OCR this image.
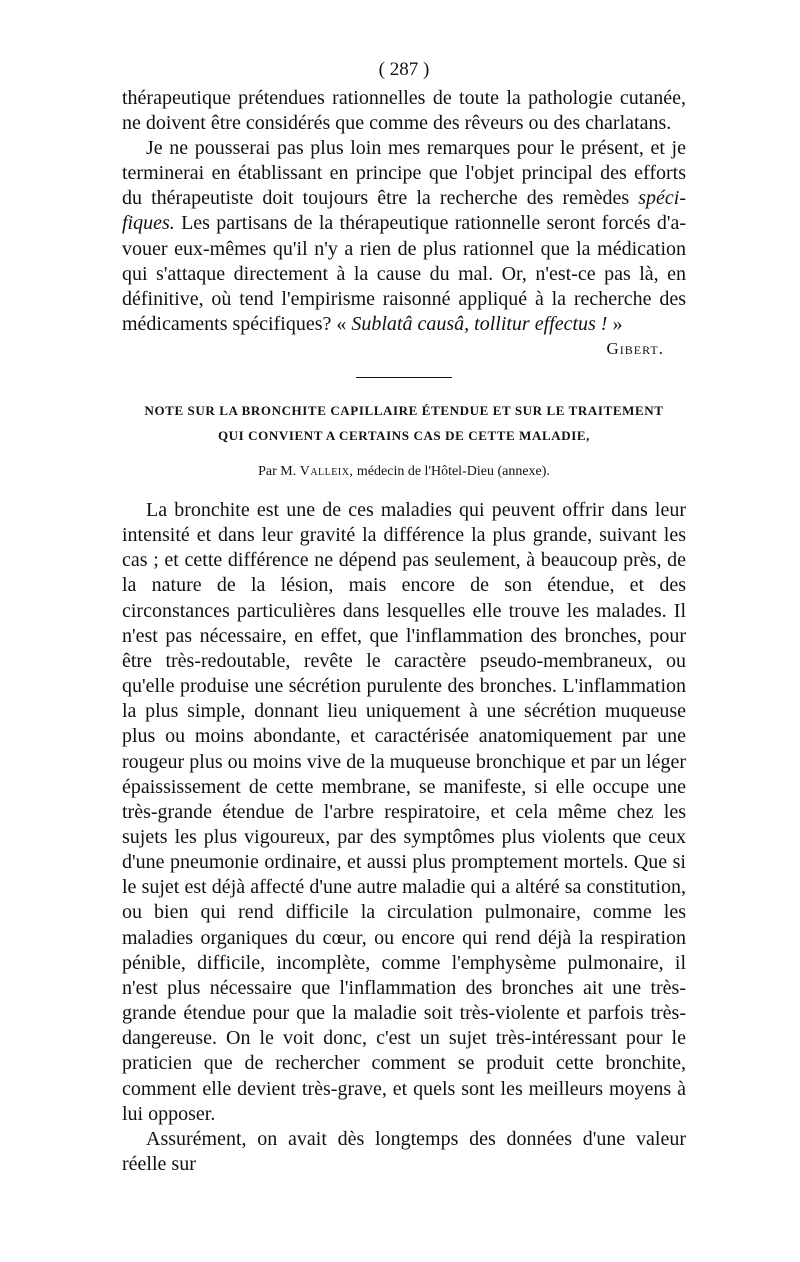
( 287 )

thérapeutique prétendues rationnelles de toute la pathologie cutanée, ne doivent être considérés que comme des rêveurs ou des charlatans.

Je ne pousserai pas plus loin mes remarques pour le présent, et je terminerai en établissant en principe que l'objet principal des efforts du thérapeutiste doit toujours être la recherche des remèdes spécifiques. Les partisans de la thérapeutique rationnelle seront forcés d'avouer eux-mêmes qu'il n'y a rien de plus rationnel que la médication qui s'attaque directement à la cause du mal. Or, n'est-ce pas là, en définitive, où tend l'empirisme raisonné appliqué à la recherche des médicaments spécifiques? « Sublatâ causâ, tollitur effectus ! »

Gibert.
NOTE SUR LA BRONCHITE CAPILLAIRE ÉTENDUE ET SUR LE TRAITEMENT
QUI CONVIENT A CERTAINS CAS DE CETTE MALADIE,
Par M. Valleix, médecin de l'Hôtel-Dieu (annexe).

La bronchite est une de ces maladies qui peuvent offrir dans leur intensité et dans leur gravité la différence la plus grande, suivant les cas ; et cette différence ne dépend pas seulement, à beaucoup près, de la nature de la lésion, mais encore de son étendue, et des circonstances particulières dans lesquelles elle trouve les malades. Il n'est pas nécessaire, en effet, que l'inflammation des bronches, pour être très-redoutable, revête le caractère pseudo-membraneux, ou qu'elle produise une sécrétion purulente des bronches. L'inflammation la plus simple, donnant lieu uniquement à une sécrétion muqueuse plus ou moins abondante, et caractérisée anatomiquement par une rougeur plus ou moins vive de la muqueuse bronchique et par un léger épaississement de cette membrane, se manifeste, si elle occupe une très-grande étendue de l'arbre respiratoire, et cela même chez les sujets les plus vigoureux, par des symptômes plus violents que ceux d'une pneumonie ordinaire, et aussi plus promptement mortels. Que si le sujet est déjà affecté d'une autre maladie qui a altéré sa constitution, ou bien qui rend difficile la circulation pulmonaire, comme les maladies organiques du cœur, ou encore qui rend déjà la respiration pénible, difficile, incomplète, comme l'emphysème pulmonaire, il n'est plus nécessaire que l'inflammation des bronches ait une très-grande étendue pour que la maladie soit très-violente et parfois très-dangereuse. On le voit donc, c'est un sujet très-intéressant pour le praticien que de rechercher comment se produit cette bronchite, comment elle devient très-grave, et quels sont les meilleurs moyens à lui opposer.

Assurément, on avait dès longtemps des données d'une valeur réelle sur
